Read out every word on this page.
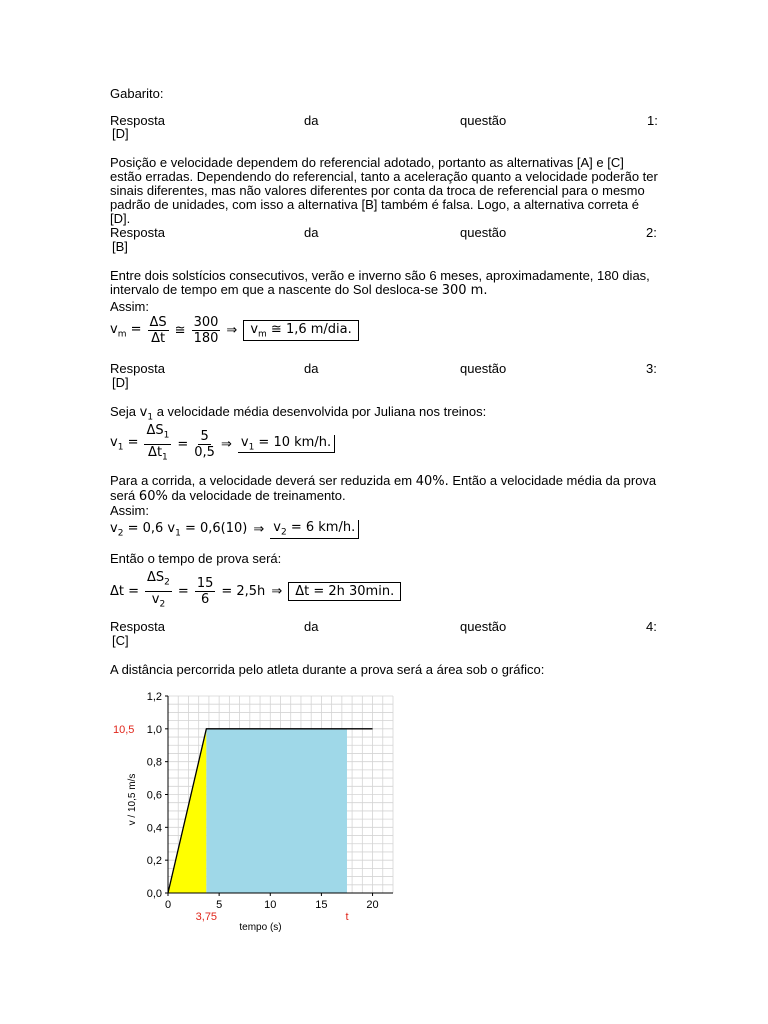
Gabarito:
Resposta	da	questão	1:
[D]
Posição e velocidade dependem do referencial adotado, portanto as alternativas [A] e [C] estão erradas. Dependendo do referencial, tanto a aceleração quanto a velocidade poderão ter sinais diferentes, mas não valores diferentes por conta da troca de referencial para o mesmo padrão de unidades, com isso a alternativa [B] também é falsa. Logo, a alternativa correta é [D].
Resposta	da	questão	2:
[B]
Entre dois solstícios consecutivos, verão e inverno são 6 meses, aproximadamente, 180 dias, intervalo de tempo em que a nascente do Sol desloca-se 300 m.
Assim:
$v_m = \frac{\Delta S}{\Delta t}$ ≅ $\frac{300}{180}$ ⇒	$v_m$ ≅ 1,6 m/dia.
Resposta	da	questão	3:
[D]
Seja $v_1$ a velocidade média desenvolvida por Juliana nos treinos:
$v_1 = \frac{\Delta S_1}{\Delta t_1} = \frac{5}{0,5}$ ⇒ $v_1 = 10$ km/h.
Para a corrida, a velocidade deverá ser reduzida em 40%. Então a velocidade média da prova
será 60% da velocidade de treinamento.
Assim:
$v_2 = 0,6$ $v_1 = 0,6(10)$ ⇒ $v_2 = 6$ km/h.
Então o tempo de prova será:
$\Delta t = \frac{\Delta S_2}{v_2} = \frac{15}{6} = 2,5h$ ⇒	Δt = 2h 30min.
Resposta	da	questão	4:
[C]
A distância percorrida pelo atleta durante a prova será a área sob o gráfico:
0	5	10	15	20
0,0
0,2
0,4
0,6
0,8
1,0
1,2
tempo (s)
v / 10,5 m/s
10,5
3,75	t
